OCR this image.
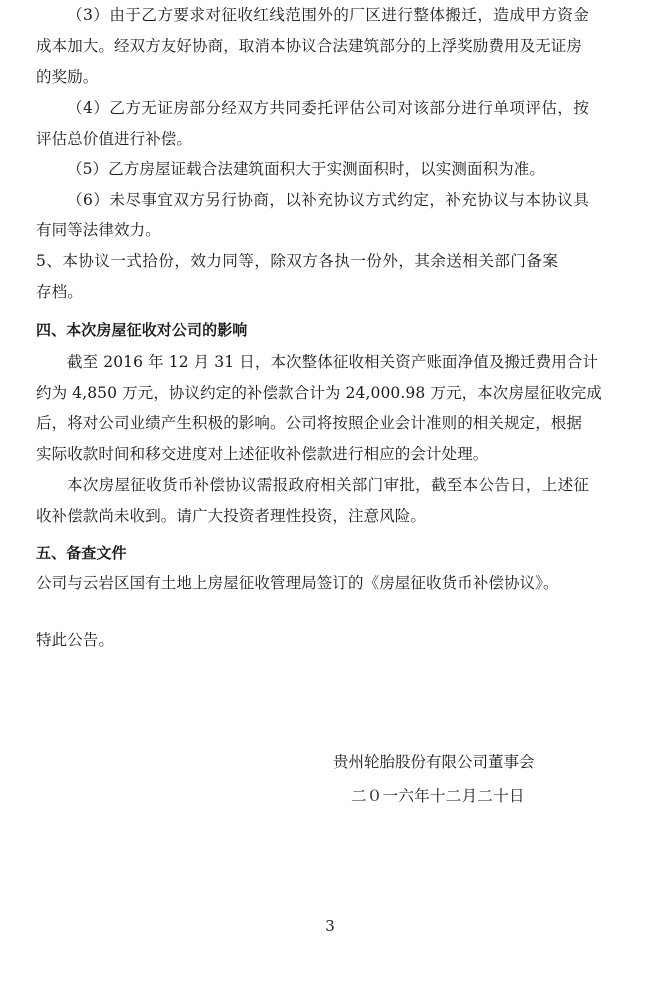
（3）由于乙方要求对征收红线范围外的厂区进行整体搬迁，造成甲方资金
成本加大。经双方友好协商，取消本协议合法建筑部分的上浮奖励费用及无证房
的奖励。
（4）乙方无证房部分经双方共同委托评估公司对该部分进行单项评估，按
评估总价值进行补偿。
（5）乙方房屋证载合法建筑面积大于实测面积时，以实测面积为准。
（6）未尽事宜双方另行协商，以补充协议方式约定，补充协议与本协议具
有同等法律效力。
5、本协议一式拾份，效力同等，除双方各执一份外，其余送相关部门备案
存档。
四、本次房屋征收对公司的影响
截至 2016 年 12 月 31 日，本次整体征收相关资产账面净值及搬迁费用合计
约为 4,850 万元，协议约定的补偿款合计为 24,000.98 万元，本次房屋征收完成
后，将对公司业绩产生积极的影响。公司将按照企业会计准则的相关规定，根据
实际收款时间和移交进度对上述征收补偿款进行相应的会计处理。
本次房屋征收货币补偿协议需报政府相关部门审批，截至本公告日，上述征
收补偿款尚未收到。请广大投资者理性投资，注意风险。
五、备查文件
公司与云岩区国有土地上房屋征收管理局签订的《房屋征收货币补偿协议》。
特此公告。
贵州轮胎股份有限公司董事会
二０一六年十二月二十日
3
